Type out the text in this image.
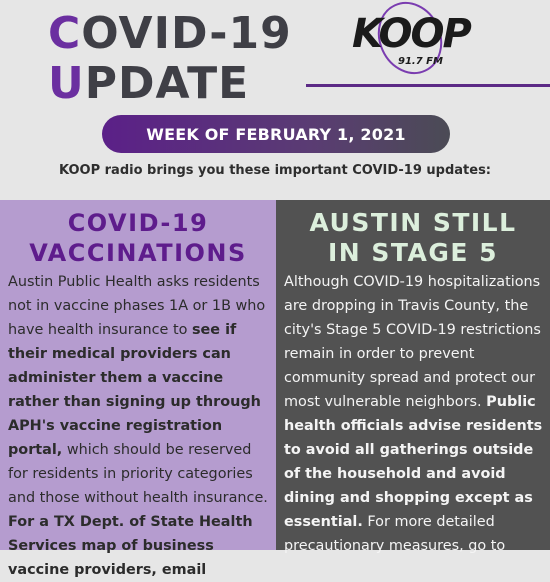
COVID-19
UPDATE
KOOP
91.7 FM
WEEK OF FEBRUARY 1, 2021
KOOP radio brings you these important COVID-19 updates:
COVID-19
VACCINATIONS

Austin Public Health asks residents not in vaccine phases 1A or 1B who have health insurance to see if their medical providers can administer them a vaccine rather than signing up through APH's vaccine registration portal, which should be reserved for residents in priority categories and those without health insurance. For a TX Dept. of State Health Services map of business vaccine providers, email

AUSTIN STILL
IN STAGE 5

Although COVID-19 hospitalizations are dropping in Travis County, the city's Stage 5 COVID-19 restrictions remain in order to prevent community spread and protect our most vulnerable neighbors. Public health officials advise residents to avoid all gatherings outside of the household and avoid dining and shopping except as essential. For more detailed precautionary measures, go to
